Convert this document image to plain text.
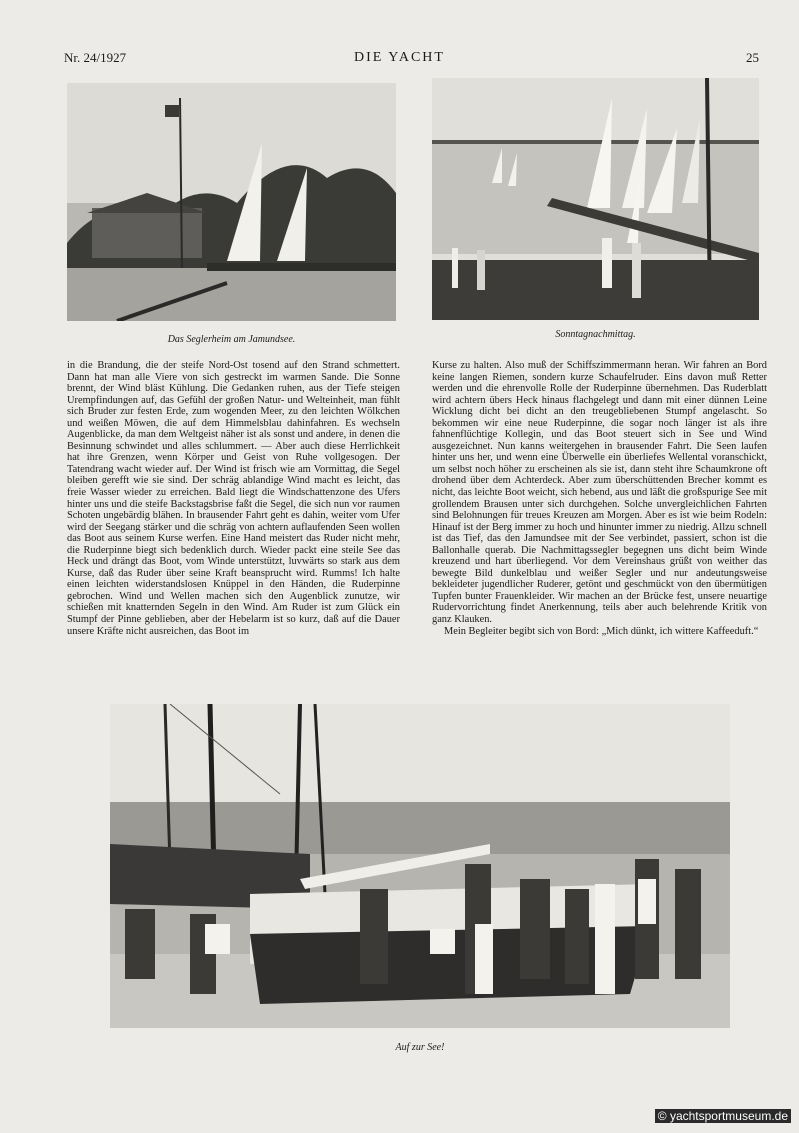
Nr. 24/1927	DIE YACHT	25
Das Seglerheim am Jamundsee.	Sonntagnachmittag.

in die Brandung, die der steife Nord-Ost tosend auf den Strand schmettert. Dann hat man alle Viere von sich gestreckt im warmen Sande. Die Sonne brennt, der Wind bläst Kühlung. Die Gedanken ruhen, aus der Tiefe steigen Urempfindungen auf, das Gefühl der großen Natur- und Welteinheit, man fühlt sich Bruder zur festen Erde, zum wogenden Meer, zu den leichten Wölkchen und weißen Möwen, die auf dem Himmelsblau dahinfahren. Es wechseln Augenblicke, da man dem Weltgeist näher ist als sonst und andere, in denen die Besinnung schwindet und alles schlummert. — Aber auch diese Herrlichkeit hat ihre Grenzen, wenn Körper und Geist von Ruhe vollgesogen. Der Tatendrang wacht wieder auf. Der Wind ist frisch wie am Vormittag, die Segel bleiben gerefft wie sie sind. Der schräg ablandige Wind macht es leicht, das freie Wasser wieder zu erreichen. Bald liegt die Windschattenzone des Ufers hinter uns und die steife Backstagsbrise faßt die Segel, die sich nun vor raumen Schoten ungebärdig blähen. In brausender Fahrt geht es dahin, weiter vom Ufer wird der Seegang stärker und die schräg von achtern auflaufenden Seen wollen das Boot aus seinem Kurse werfen. Eine Hand meistert das Ruder nicht mehr, die Ruderpinne biegt sich bedenklich durch. Wieder packt eine steile See das Heck und drängt das Boot, vom Winde unterstützt, luvwärts so stark aus dem Kurse, daß das Ruder über seine Kraft beansprucht wird. Rumms! Ich halte einen leichten widerstandslosen Knüppel in den Händen, die Ruderpinne gebrochen. Wind und Wellen machen sich den Augenblick zunutze, wir schießen mit knatternden Segeln in den Wind. Am Ruder ist zum Glück ein Stumpf der Pinne geblieben, aber der Hebelarm ist so kurz, daß auf die Dauer unsere Kräfte nicht ausreichen, das Boot im

Kurse zu halten. Also muß der Schiffszimmermann heran. Wir fahren an Bord keine langen Riemen, sondern kurze Schaufelruder. Eins davon muß Retter werden und die ehrenvolle Rolle der Ruderpinne übernehmen. Das Ruderblatt wird achtern übers Heck hinaus flachgelegt und dann mit einer dünnen Leine Wicklung dicht bei dicht an den treugebliebenen Stumpf angelascht. So bekommen wir eine neue Ruderpinne, die sogar noch länger ist als ihre fahnenflüchtige Kollegin, und das Boot steuert sich in See und Wind ausgezeichnet. Nun kanns weitergehen in brausender Fahrt. Die Seen laufen hinter uns her, und wenn eine Überwelle ein überliefes Wellental voranschickt, um selbst noch höher zu erscheinen als sie ist, dann steht ihre Schaumkrone oft drohend über dem Achterdeck. Aber zum überschüttenden Brecher kommt es nicht, das leichte Boot weicht, sich hebend, aus und läßt die großspurige See mit grollendem Brausen unter sich durchgehen. Solche unvergleichlichen Fahrten sind Belohnungen für treues Kreuzen am Morgen. Aber es ist wie beim Rodeln: Hinauf ist der Berg immer zu hoch und hinunter immer zu niedrig. Allzu schnell ist das Tief, das den Jamundsee mit der See verbindet, passiert, schon ist die Ballonhalle querab. Die Nachmittagssegler begegnen uns dicht beim Winde kreuzend und hart überliegend. Vor dem Vereinshaus grüßt von weither das bewegte Bild dunkelblau und weißer Segler und nur andeutungsweise bekleideter jugendlicher Ruderer, getönt und geschmückt von den übermütigen Tupfen bunter Frauenkleider. Wir machen an der Brücke fest, unsere neuartige Rudervorrichtung findet Anerkennung, teils aber auch belehrende Kritik von ganz Klauken.

Mein Begleiter begibt sich von Bord: „Mich dünkt, ich wittere Kaffeeduft.“

Auf zur See!
© yachtsportmuseum.de
